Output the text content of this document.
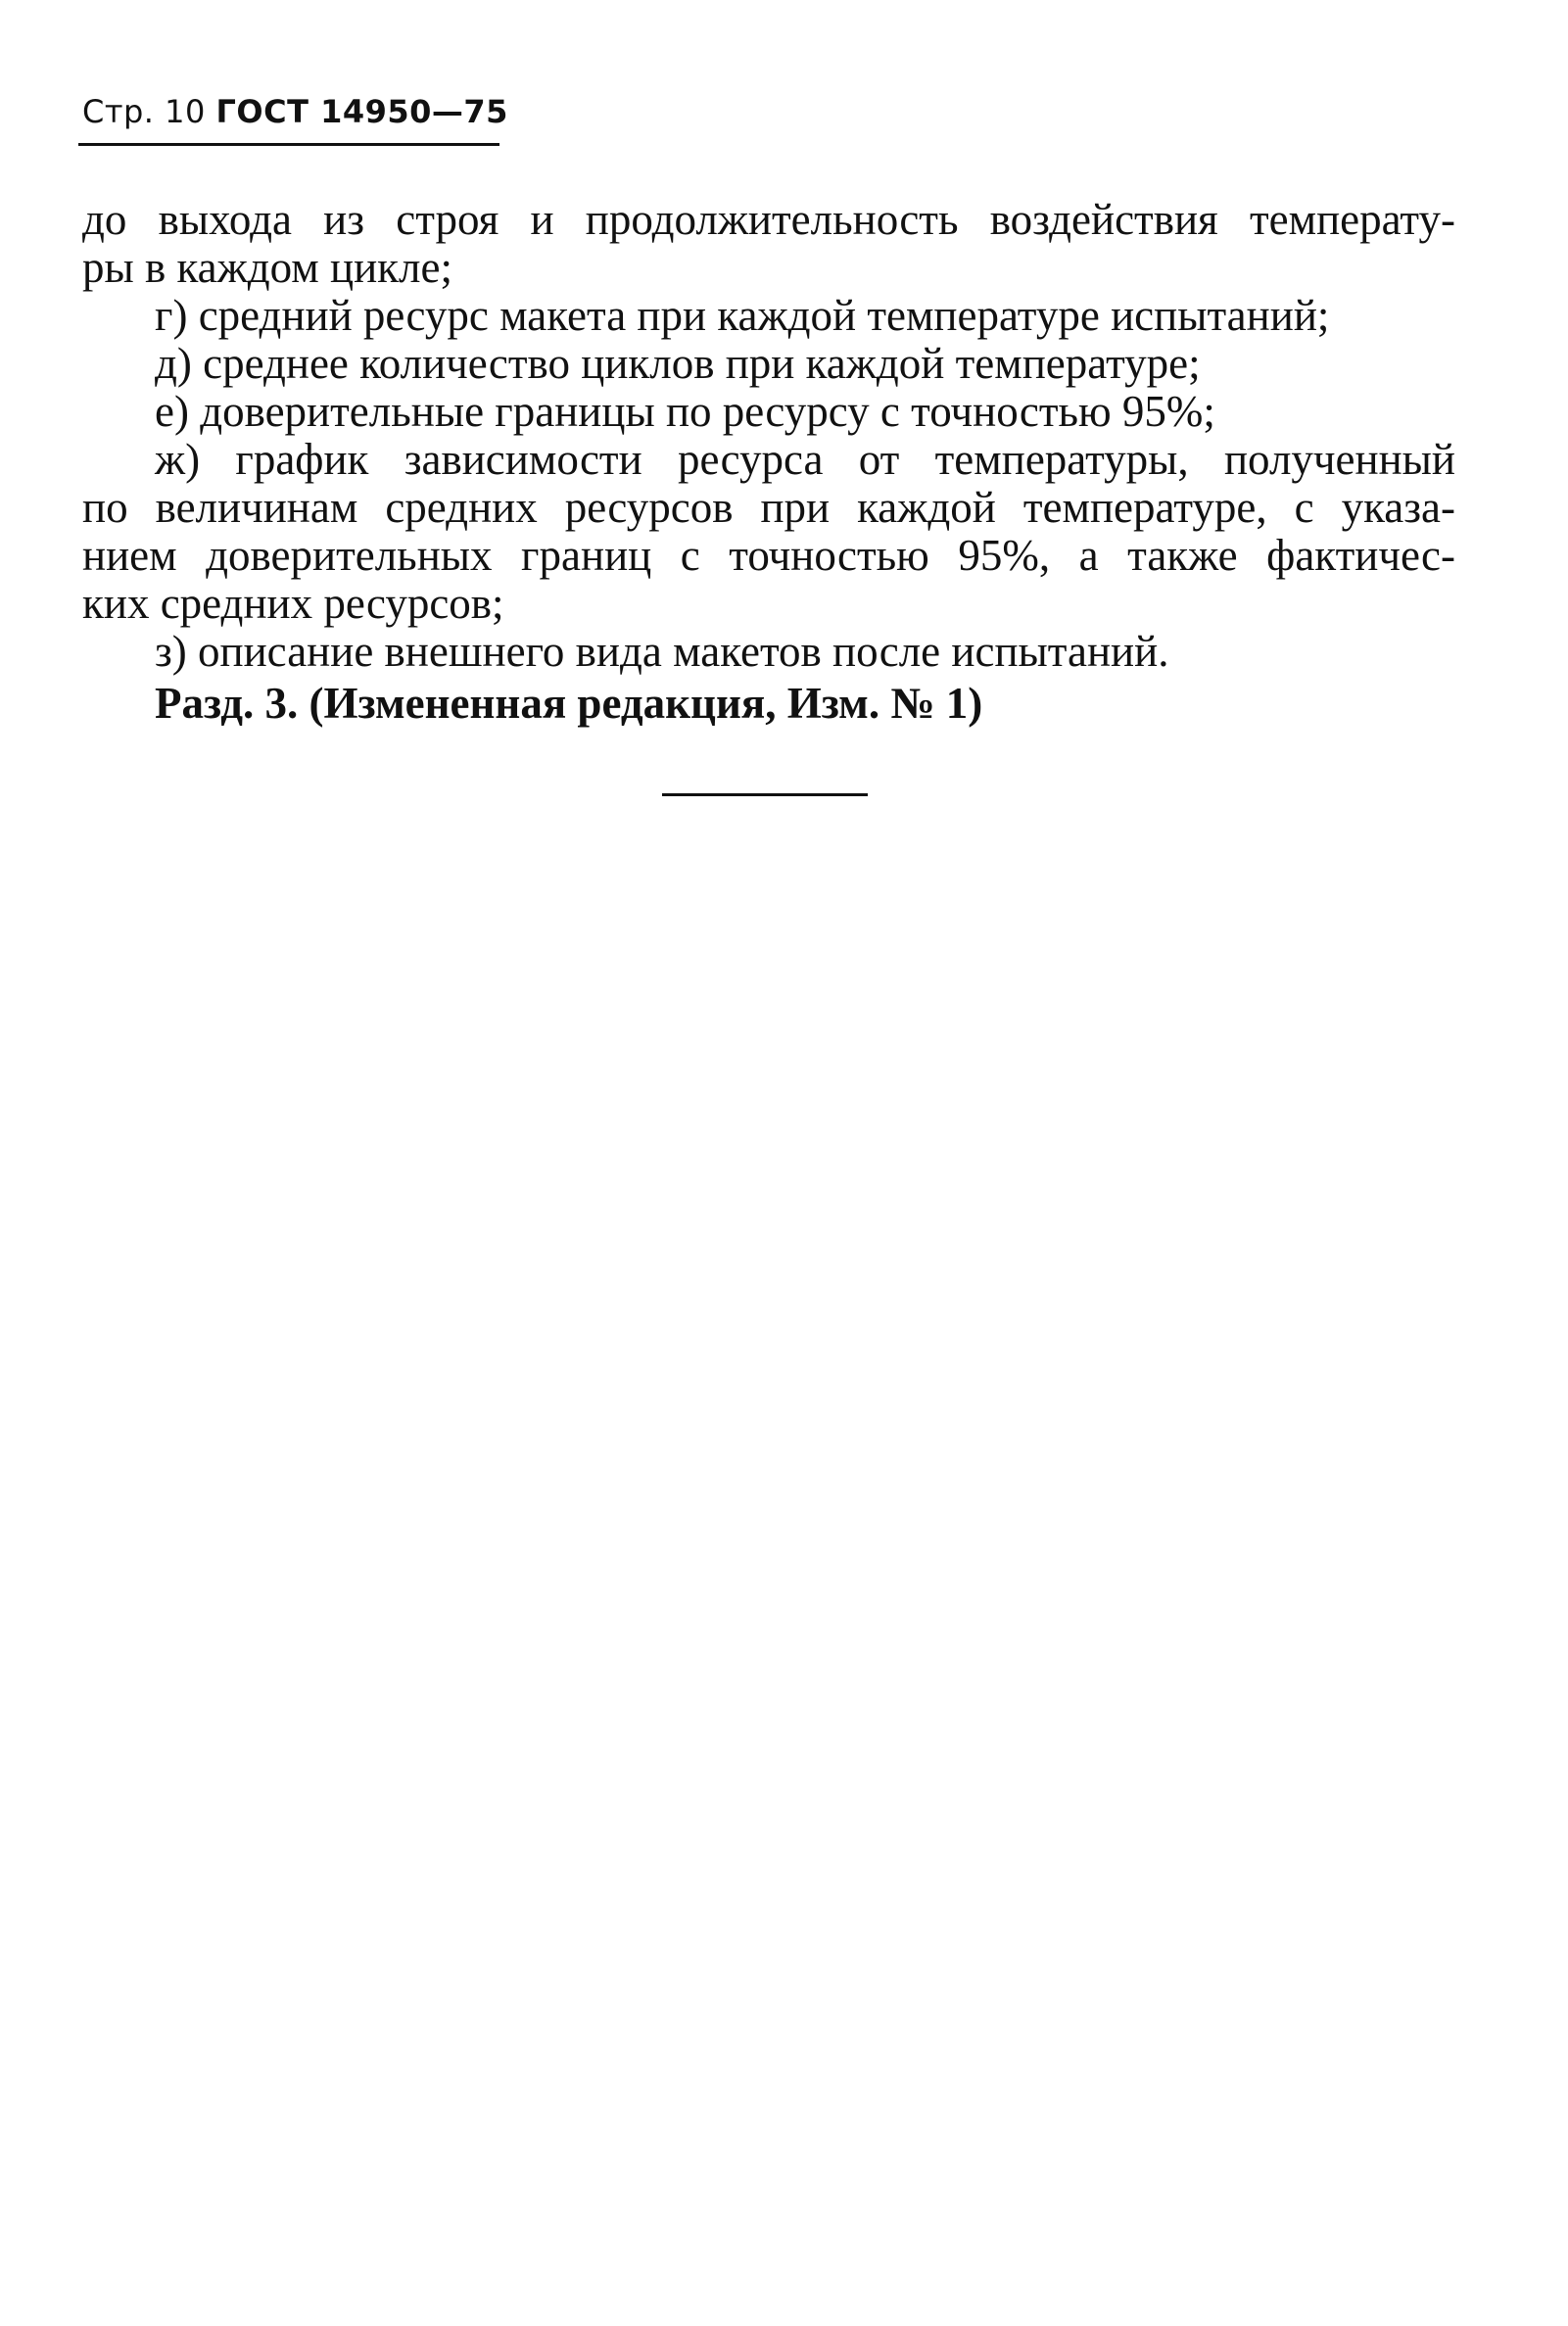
Стр. 10 ГОСТ 14950—75
до выхода из строя и продолжительность воздействия температу-
ры в каждом цикле;
г) средний ресурс макета при каждой температуре испытаний;
д) среднее количество циклов при каждой температуре;
е) доверительные границы по ресурсу с точностью 95%;
ж) график зависимости ресурса от температуры, полученный
по величинам средних ресурсов при каждой температуре, с указа-
нием доверительных границ с точностью 95%, а также фактичес-
ких средних ресурсов;
з) описание внешнего вида макетов после испытаний.
Разд. 3. (Измененная редакция, Изм. № 1)
